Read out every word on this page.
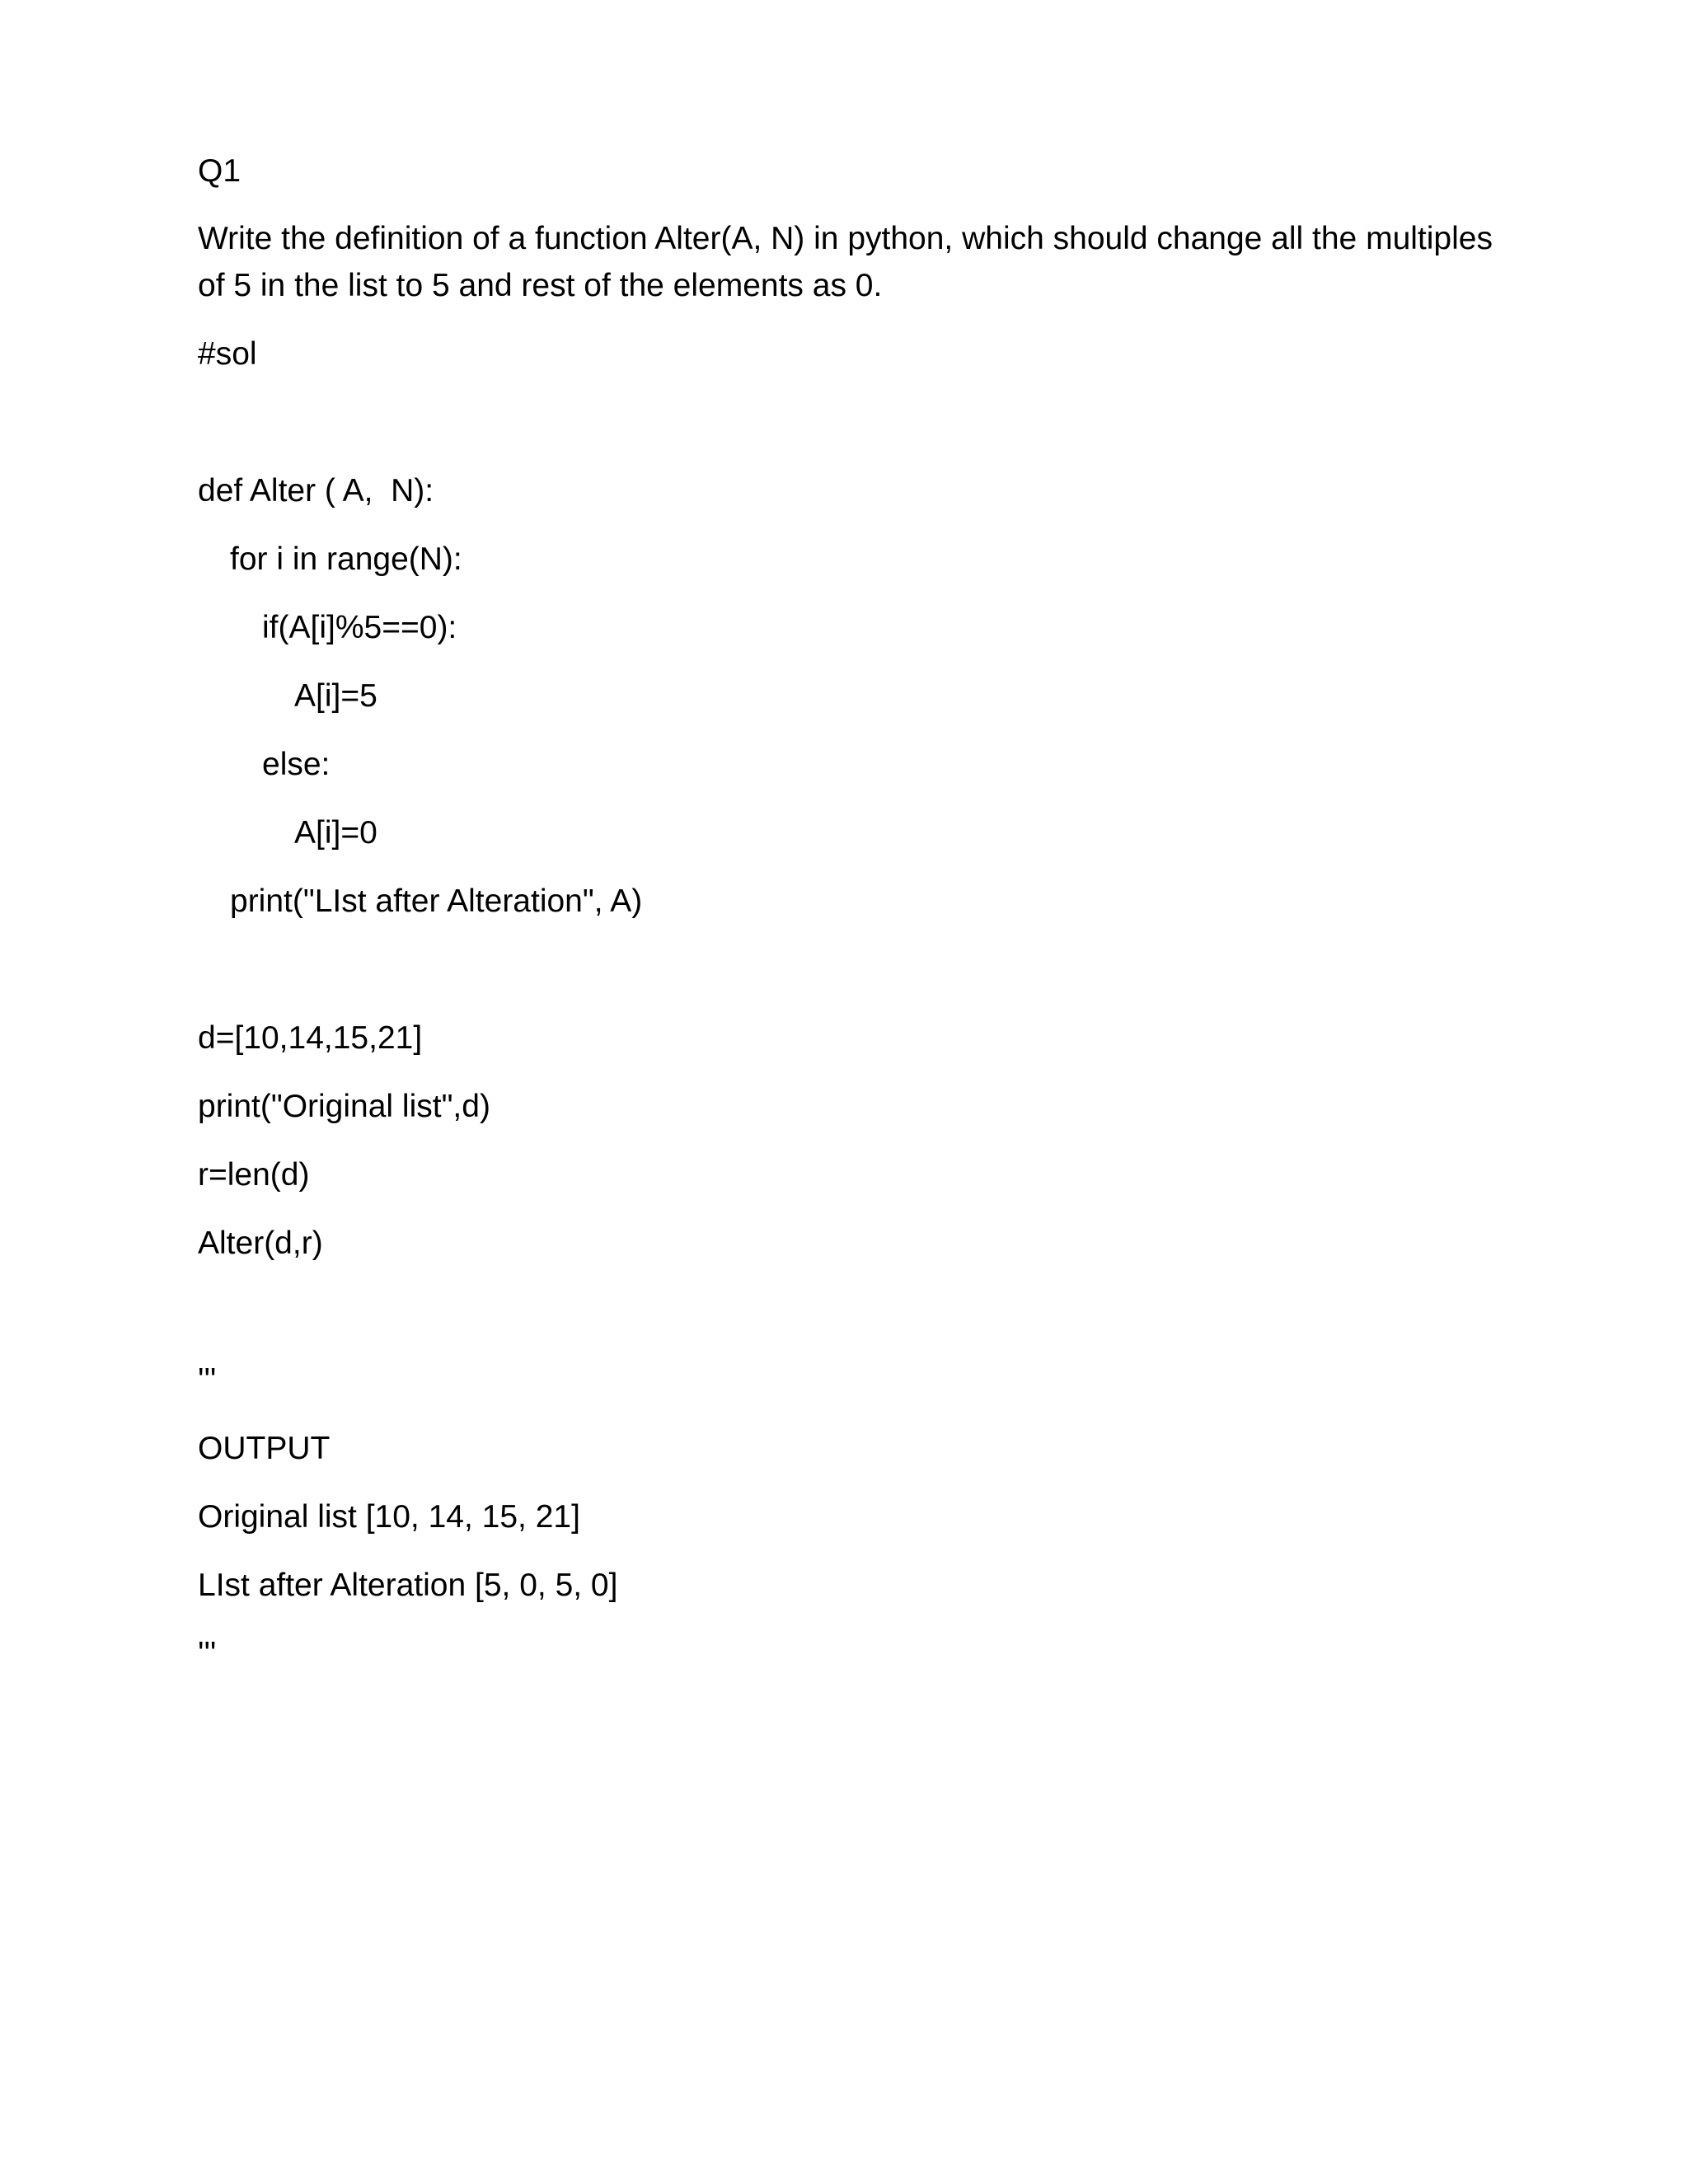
Q1

Write the definition of a function Alter(A, N) in python, which should change all the multiples

of 5 in the list to 5 and rest of the elements as 0.

#sol

def Alter ( A,  N):

for i in range(N):

if(A[i]%5==0):

A[i]=5

else:

A[i]=0

print("LIst after Alteration", A)

d=[10,14,15,21]

print("Original list",d)

r=len(d)

Alter(d,r)

'''

OUTPUT

Original list [10, 14, 15, 21]

LIst after Alteration [5, 0, 5, 0]

'''
